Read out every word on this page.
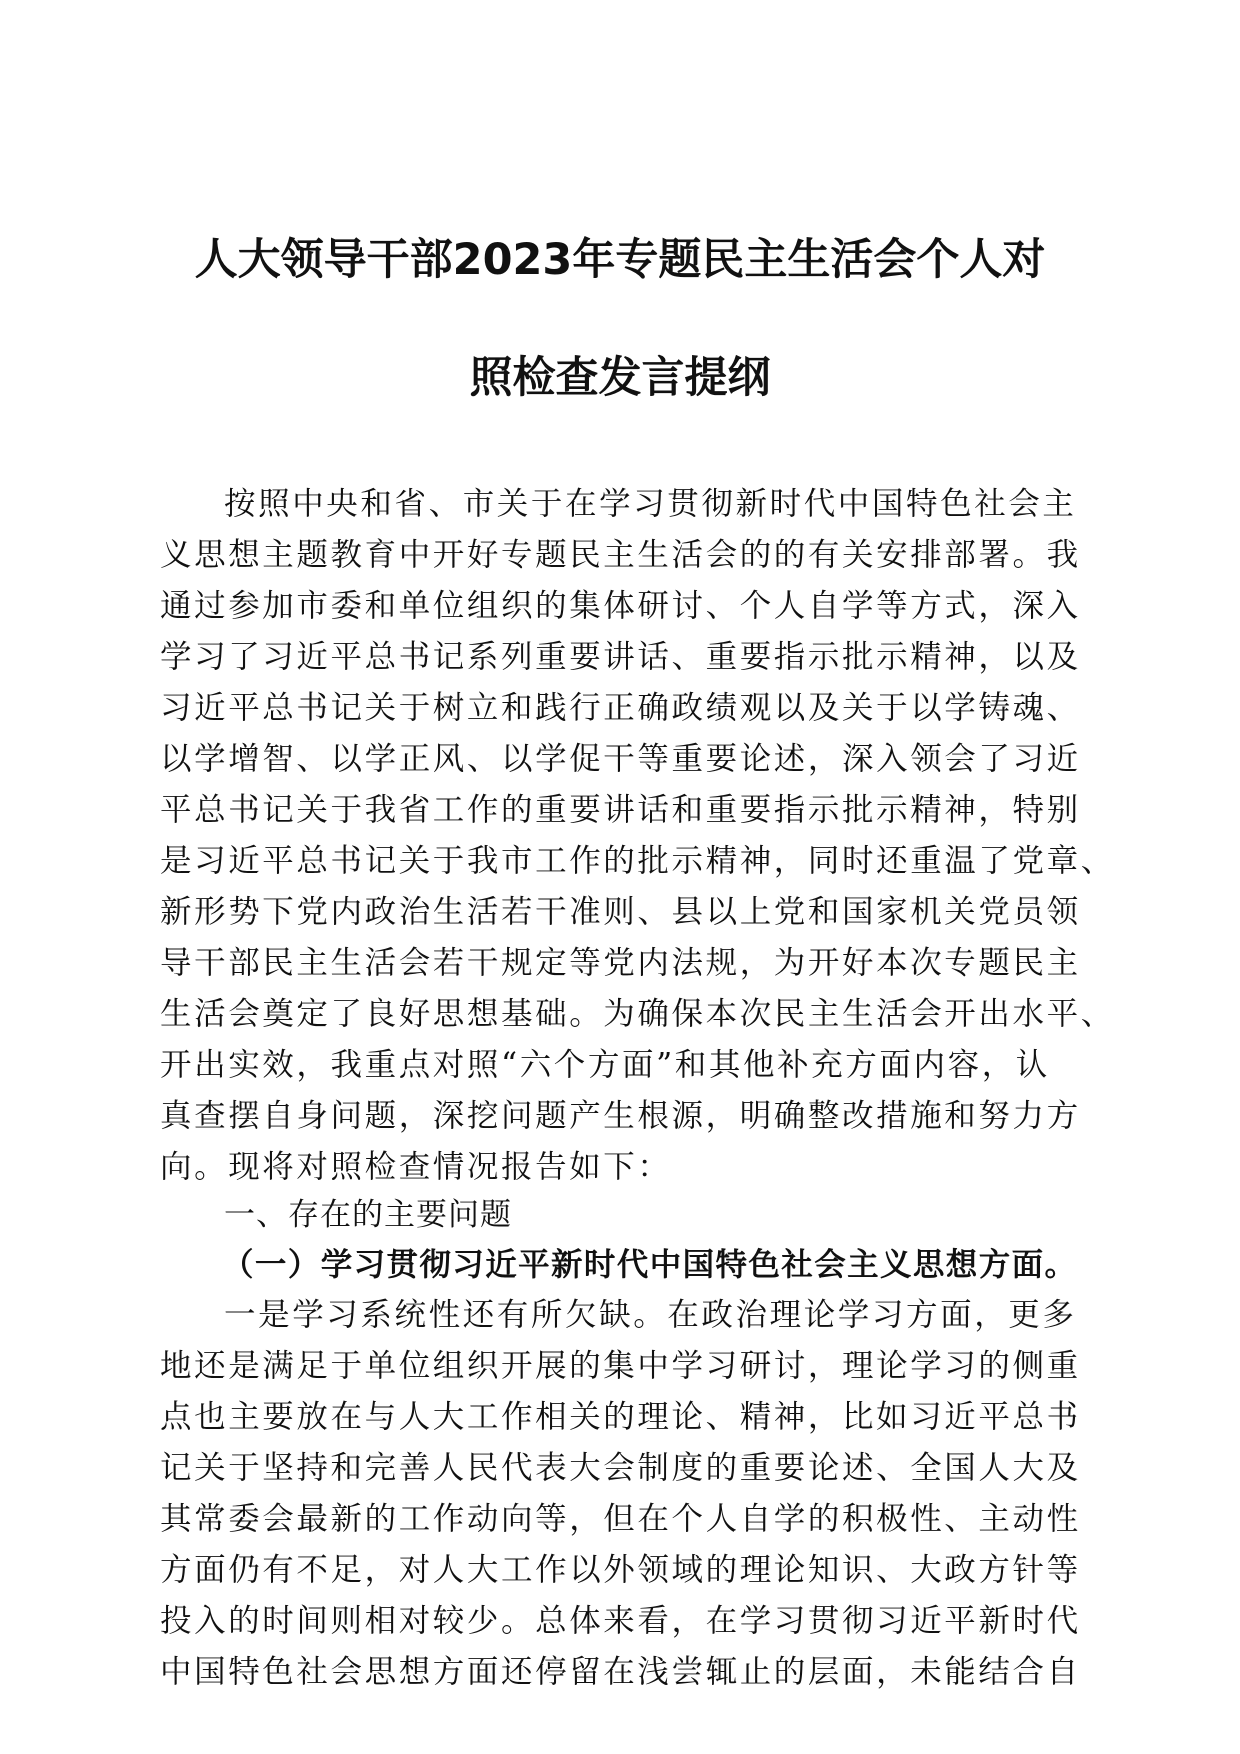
人大领导干部2023年专题民主生活会个人对
照检查发言提纲
按照中央和省、市关于在学习贯彻新时代中国特色社会主
义思想主题教育中开好专题民主生活会的的有关安排部署。我
通过参加市委和单位组织的集体研讨、个人自学等方式，深入
学习了习近平总书记系列重要讲话、重要指示批示精神，以及
习近平总书记关于树立和践行正确政绩观以及关于以学铸魂、
以学增智、以学正风、以学促干等重要论述，深入领会了习近
平总书记关于我省工作的重要讲话和重要指示批示精神，特别
是习近平总书记关于我市工作的批示精神，同时还重温了党章、
新形势下党内政治生活若干准则、县以上党和国家机关党员领
导干部民主生活会若干规定等党内法规，为开好本次专题民主
生活会奠定了良好思想基础。为确保本次民主生活会开出水平、
开出实效，我重点对照“六个方面”和其他补充方面内容，认
真查摆自身问题，深挖问题产生根源，明确整改措施和努力方
向。现将对照检查情况报告如下：
一、存在的主要问题
（一）学习贯彻习近平新时代中国特色社会主义思想方面。
一是学习系统性还有所欠缺。在政治理论学习方面，更多
地还是满足于单位组织开展的集中学习研讨，理论学习的侧重
点也主要放在与人大工作相关的理论、精神，比如习近平总书
记关于坚持和完善人民代表大会制度的重要论述、全国人大及
其常委会最新的工作动向等，但在个人自学的积极性、主动性
方面仍有不足，对人大工作以外领域的理论知识、大政方针等
投入的时间则相对较少。总体来看，在学习贯彻习近平新时代
中国特色社会思想方面还停留在浅尝辄止的层面，未能结合自
